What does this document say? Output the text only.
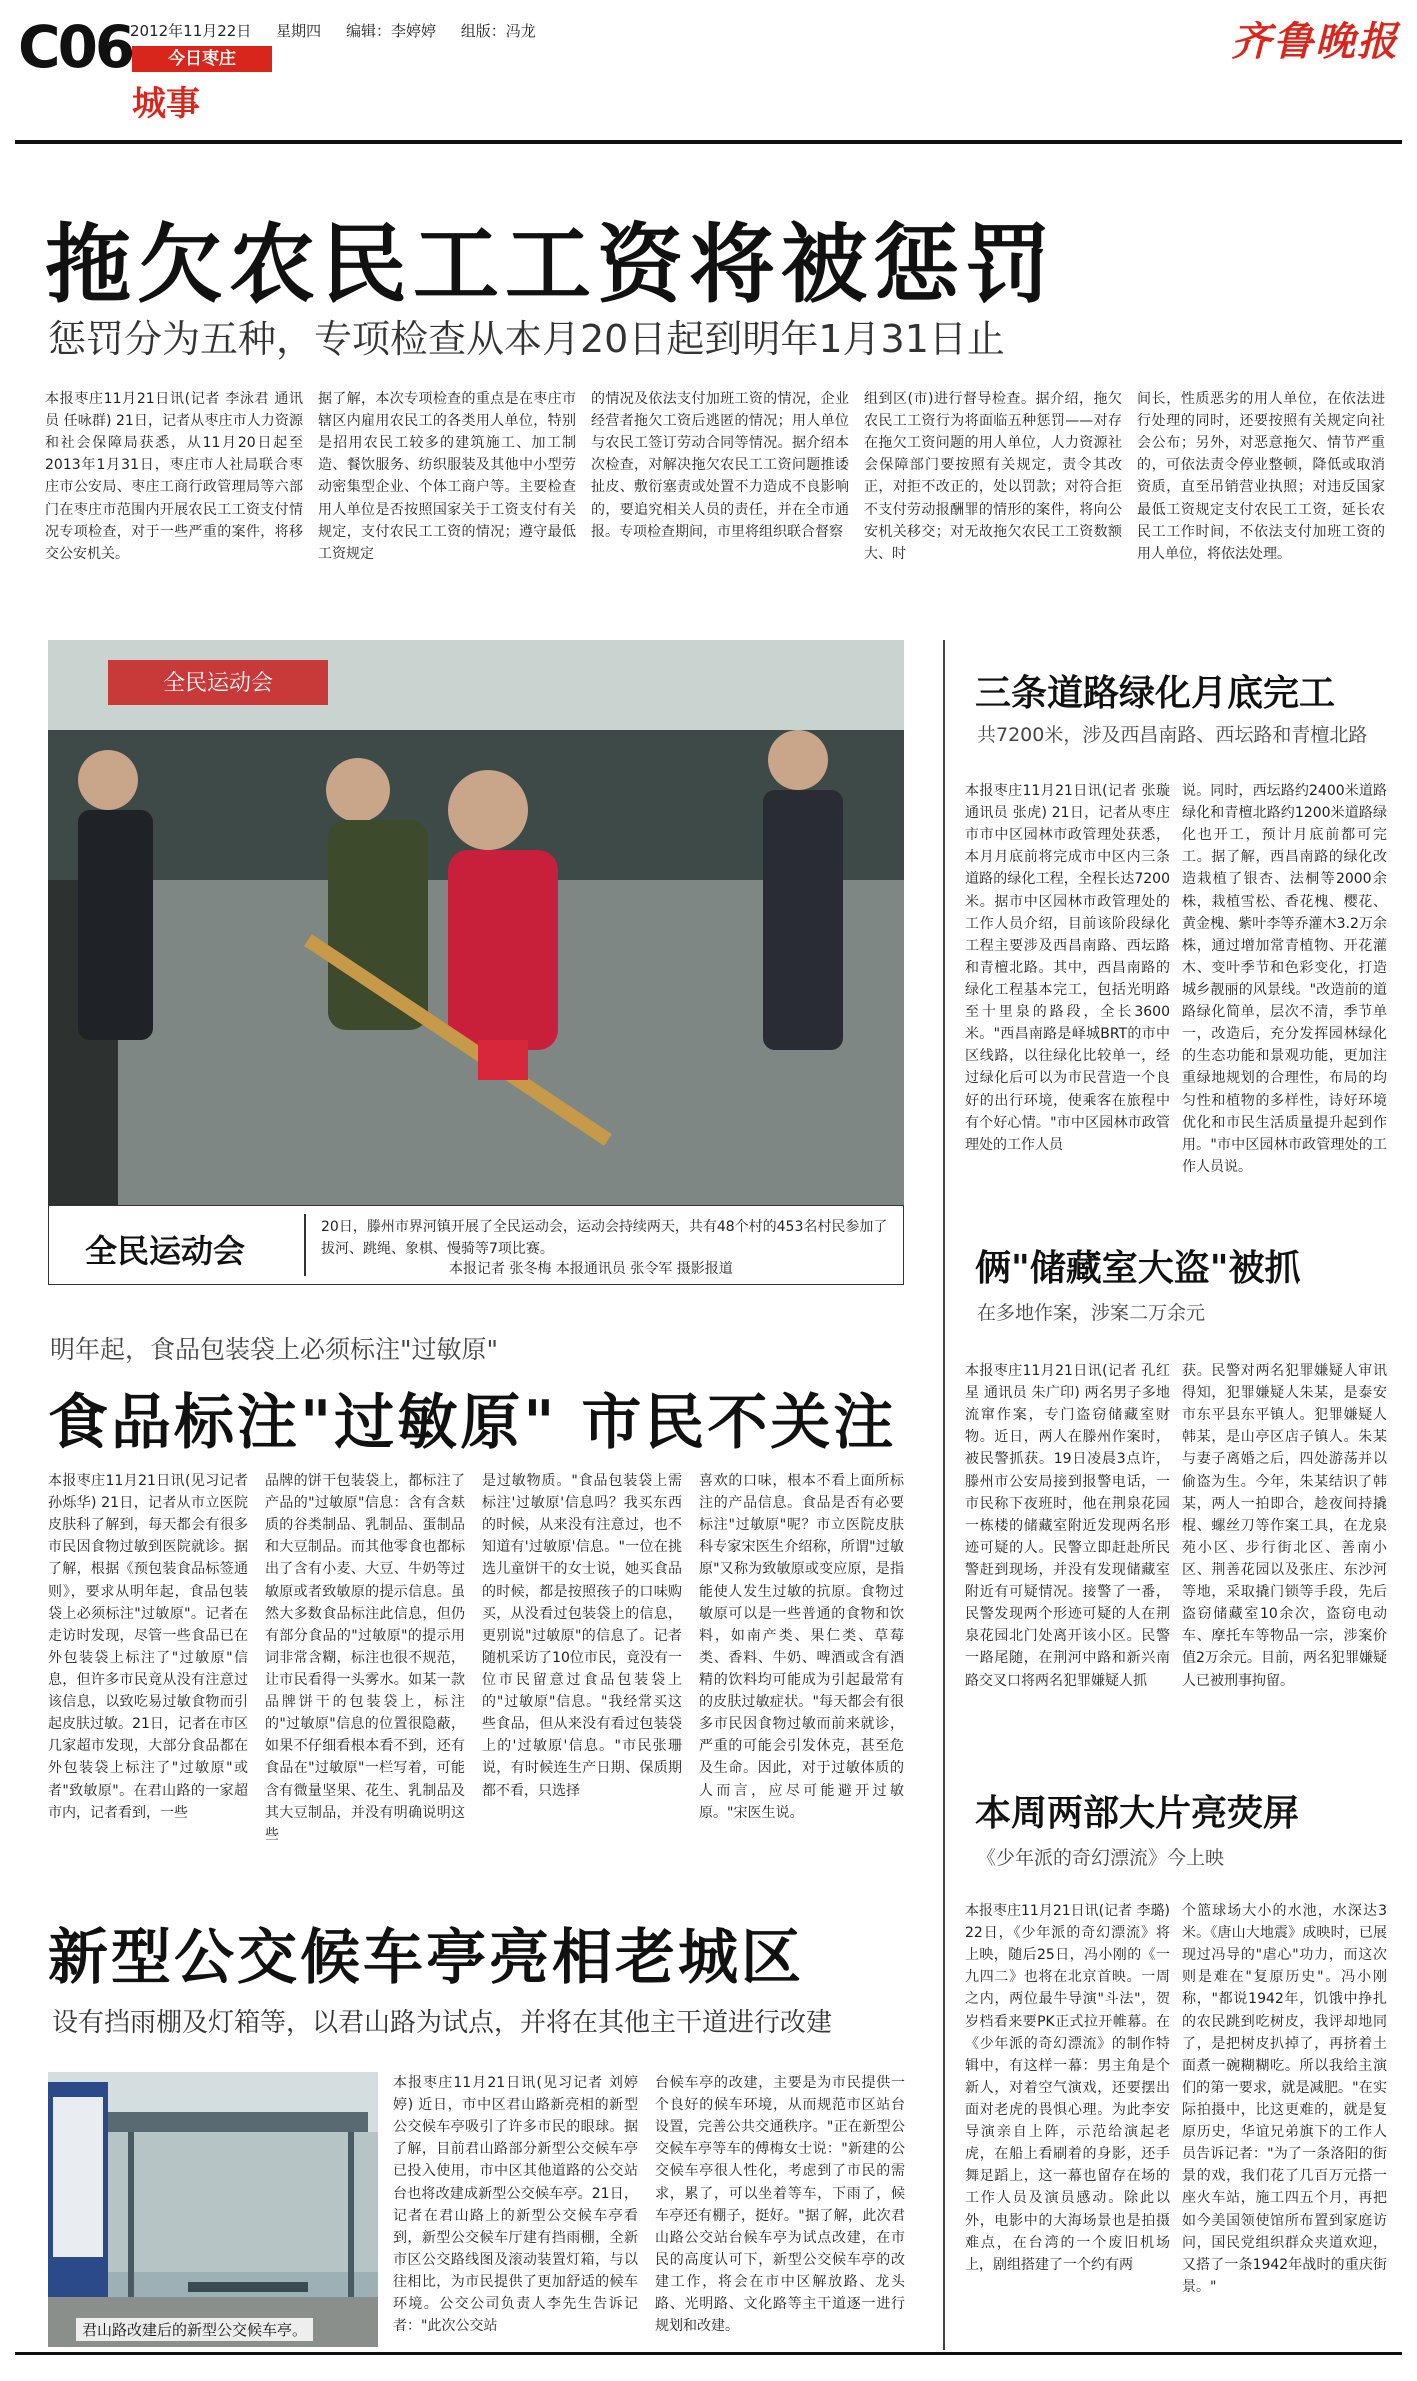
C06
2012年11月22日 星期四 编辑：李婷婷 组版：冯龙
今日枣庄
城事
齐鲁晚报
拖欠农民工工资将被惩罚
惩罚分为五种，专项检查从本月20日起到明年1月31日止
本报枣庄11月21日讯(记者 李泳君 通讯员 任咏群) 21日，记者从枣庄市人力资源和社会保障局获悉，从11月20日起至2013年1月31日，枣庄市人社局联合枣庄市公安局、枣庄工商行政管理局等六部门在枣庄市范围内开展农民工工资支付情况专项检查，对于一些严重的案件，将移交公安机关。
据了解，本次专项检查的重点是在枣庄市辖区内雇用农民工的各类用人单位，特别是招用农民工较多的建筑施工、加工制造、餐饮服务、纺织服装及其他中小型劳动密集型企业、个体工商户等。主要检查用人单位是否按照国家关于工资支付有关规定，支付农民工工资的情况；遵守最低工资规定
的情况及依法支付加班工资的情况，企业经营者拖欠工资后逃匿的情况；用人单位与农民工签订劳动合同等情况。据介绍本次检查，对解决拖欠农民工工资问题推诿扯皮、敷衍塞责或处置不力造成不良影响的，要追究相关人员的责任，并在全市通报。专项检查期间，市里将组织联合督察
组到区(市)进行督导检查。据介绍，拖欠农民工工资行为将面临五种惩罚——对存在拖欠工资问题的用人单位，人力资源社会保障部门要按照有关规定，责令其改正，对拒不改正的，处以罚款；对符合拒不支付劳动报酬罪的情形的案件，将向公安机关移交；对无故拖欠农民工工资数额大、时
间长，性质恶劣的用人单位，在依法进行处理的同时，还要按照有关规定向社会公布；另外，对恶意拖欠、情节严重的，可依法责令停业整顿，降低或取消资质，直至吊销营业执照；对违反国家最低工资规定支付农民工工资，延长农民工工作时间，不依法支付加班工资的用人单位，将依法处理。
全民运动会
全民运动会
20日，滕州市界河镇开展了全民运动会，运动会持续两天，共有48个村的453名村民参加了拔河、跳绳、象棋、慢骑等7项比赛。
本报记者 张冬梅 本报通讯员 张令军 摄影报道
明年起，食品包装袋上必须标注"过敏原"
食品标注"过敏原" 市民不关注
本报枣庄11月21日讯(见习记者 孙烁华) 21日，记者从市立医院皮肤科了解到，每天都会有很多市民因食物过敏到医院就诊。据了解，根据《预包装食品标签通则》，要求从明年起，食品包装袋上必须标注"过敏原"。记者在走访时发现，尽管一些食品已在外包装袋上标注了"过敏原"信息，但许多市民竟从没有注意过该信息，以致吃易过敏食物而引起皮肤过敏。21日，记者在市区几家超市发现，大部分食品都在外包装袋上标注了"过敏原"或者"致敏原"。在君山路的一家超市内，记者看到，一些
品牌的饼干包装袋上，都标注了产品的"过敏原"信息：含有含麸质的谷类制品、乳制品、蛋制品和大豆制品。而其他零食也都标出了含有小麦、大豆、牛奶等过敏原或者致敏原的提示信息。虽然大多数食品标注此信息，但仍有部分食品的"过敏原"的提示用词非常含糊，标注也很不规范，让市民看得一头雾水。如某一款品牌饼干的包装袋上，标注的"过敏原"信息的位置很隐蔽，如果不仔细看根本看不到，还有食品在"过敏原"一栏写着，可能含有微量坚果、花生、乳制品及其大豆制品，并没有明确说明这些
是过敏物质。"食品包装袋上需标注'过敏原'信息吗？我买东西的时候，从来没有注意过，也不知道有'过敏原'信息。"一位在挑选儿童饼干的女士说，她买食品的时候，都是按照孩子的口味购买，从没看过包装袋上的信息，更别说"过敏原"的信息了。记者随机采访了10位市民，竟没有一位市民留意过食品包装袋上的"过敏原"信息。"我经常买这些食品，但从来没有看过包装袋上的'过敏原'信息。"市民张珊说，有时候连生产日期、保质期都不看，只选择
喜欢的口味，根本不看上面所标注的产品信息。食品是否有必要标注"过敏原"呢？市立医院皮肤科专家宋医生介绍称，所谓"过敏原"又称为致敏原或变应原，是指能使人发生过敏的抗原。食物过敏原可以是一些普通的食物和饮料，如南产类、果仁类、草莓类、香料、牛奶、啤酒或含有酒精的饮料均可能成为引起最常有的皮肤过敏症状。"每天都会有很多市民因食物过敏而前来就诊，严重的可能会引发休克，甚至危及生命。因此，对于过敏体质的人而言，应尽可能避开过敏原。"宋医生说。
新型公交候车亭亮相老城区
设有挡雨棚及灯箱等，以君山路为试点，并将在其他主干道进行改建
君山路改建后的新型公交候车亭。
本报枣庄11月21日讯(见习记者 刘婷婷) 近日，市中区君山路新亮相的新型公交候车亭吸引了许多市民的眼球。据了解，目前君山路部分新型公交候车亭已投入使用，市中区其他道路的公交站台也将改建成新型公交候车亭。21日，记者在君山路上的新型公交候车亭看到，新型公交候车厅建有挡雨棚，全新市区公交路线图及滚动装置灯箱，与以往相比，为市民提供了更加舒适的候车环境。公交公司负责人李先生告诉记者："此次公交站
台候车亭的改建，主要是为市民提供一个良好的候车环境，从而规范市区站台设置，完善公共交通秩序。"正在新型公交候车亭等车的傅梅女士说："新建的公交候车亭很人性化，考虑到了市民的需求，累了，可以坐着等车，下雨了，候车亭还有棚子，挺好。"据了解，此次君山路公交站台候车亭为试点改建，在市民的高度认可下，新型公交候车亭的改建工作，将会在市中区解放路、龙头路、光明路、文化路等主干道逐一进行规划和改建。
三条道路绿化月底完工
共7200米，涉及西昌南路、西坛路和青檀北路
本报枣庄11月21日讯(记者 张璇 通讯员 张虎) 21日，记者从枣庄市市中区园林市政管理处获悉，本月月底前将完成市中区内三条道路的绿化工程，全程长达7200米。据市中区园林市政管理处的工作人员介绍，目前该阶段绿化工程主要涉及西昌南路、西坛路和青檀北路。其中，西昌南路的绿化工程基本完工，包括光明路至十里泉的路段，全长3600米。"西昌南路是峄城BRT的市中区线路，以往绿化比较单一，经过绿化后可以为市民营造一个良好的出行环境，使乘客在旅程中有个好心情。"市中区园林市政管理处的工作人员
说。同时，西坛路约2400米道路绿化和青檀北路约1200米道路绿化也开工，预计月底前都可完工。据了解，西昌南路的绿化改造栽植了银杏、法桐等2000余株，栽植雪松、香花槐、樱花、黄金槐、紫叶李等乔灌木3.2万余株，通过增加常青植物、开花灌木、变叶季节和色彩变化，打造城乡靓丽的风景线。"改造前的道路绿化简单，层次不清，季节单一，改造后，充分发挥园林绿化的生态功能和景观功能，更加注重绿地规划的合理性，布局的均匀性和植物的多样性，诗好环境优化和市民生活质量提升起到作用。"市中区园林市政管理处的工作人员说。
俩"储藏室大盗"被抓
在多地作案，涉案二万余元
本报枣庄11月21日讯(记者 孔红星 通讯员 朱广印) 两名男子多地流窜作案，专门盗窃储藏室财物。近日，两人在滕州作案时，被民警抓获。19日凌晨3点许，滕州市公安局接到报警电话，一市民称下夜班时，他在荆泉花园一栋楼的储藏室附近发现两名形迹可疑的人。民警立即赶赴所民警赶到现场，并没有发现储藏室附近有可疑情况。接警了一番，民警发现两个形迹可疑的人在荆泉花园北门处离开该小区。民警一路尾随，在荆河中路和新兴南路交叉口将两名犯罪嫌疑人抓
获。民警对两名犯罪嫌疑人审讯得知，犯罪嫌疑人朱某，是泰安市东平县东平镇人。犯罪嫌疑人韩某，是山亭区店子镇人。朱某与妻子离婚之后，四处游荡并以偷盗为生。今年，朱某结识了韩某，两人一拍即合，趁夜间持撬棍、螺丝刀等作案工具，在龙泉苑小区、步行街北区、善南小区、荆善花园以及张庄、东沙河等地，采取撬门锁等手段，先后盗窃储藏室10余次，盗窃电动车、摩托车等物品一宗，涉案价值2万余元。目前，两名犯罪嫌疑人已被刑事拘留。
本周两部大片亮荧屏
《少年派的奇幻漂流》今上映
本报枣庄11月21日讯(记者 李璐) 22日，《少年派的奇幻漂流》将上映，随后25日，冯小刚的《一九四二》也将在北京首映。一周之内，两位最牛导演"斗法"，贺岁档看来要PK正式拉开帷幕。在《少年派的奇幻漂流》的制作特辑中，有这样一幕：男主角是个新人，对着空气演戏，还要摆出面对老虎的畏惧心理。为此李安导演亲自上阵，示范给演起老虎，在船上看刷着的身影，还手舞足蹈上，这一幕也留存在场的工作人员及演员感动。除此以外，电影中的大海场景也是拍摄难点，在台湾的一个废旧机场上，剧组搭建了一个约有两
个篮球场大小的水池，水深达3米。《唐山大地震》成映时，已展现过冯导的"虐心"功力，而这次则是难在"复原历史"。冯小刚称，"都说1942年，饥饿中挣扎的农民跳到吃树皮，我评却地同了，是把树皮扒掉了，再挤着土面煮一碗糊糊吃。所以我给主演们的第一要求，就是减肥。"在实际拍摄中，比这更难的，就是复原历史，华谊兄弟旗下的工作人员告诉记者："为了一条洛阳的街景的戏，我们花了几百万元搭一座火车站，施工四五个月，再把如今美国领使馆所布置到家庭访问，国民党组织群众夹道欢迎，又搭了一条1942年战时的重庆街景。"
